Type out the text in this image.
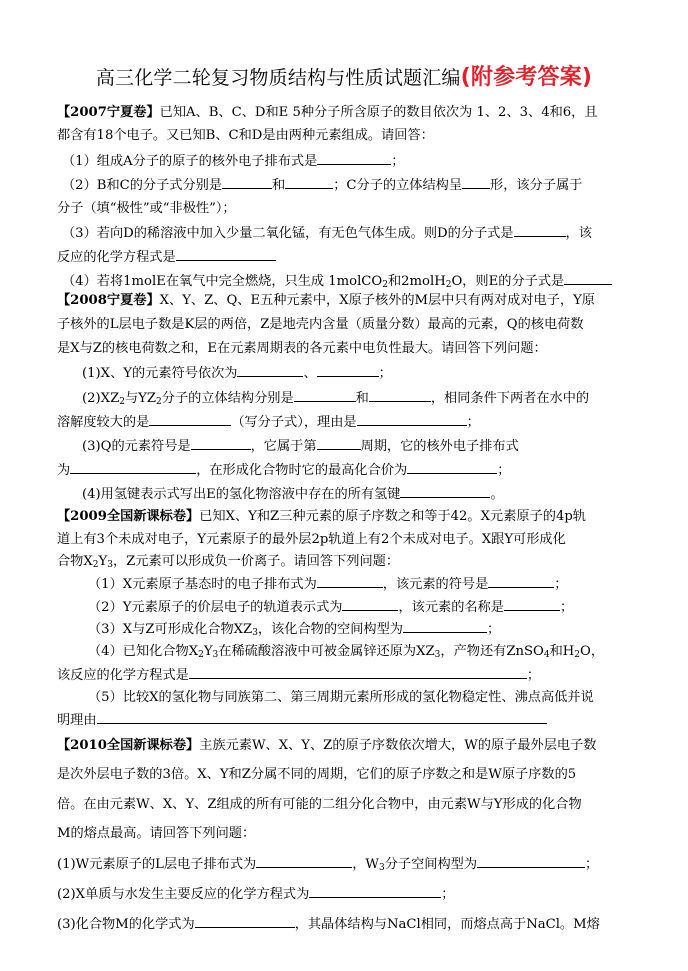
高三化学二轮复习物质结构与性质试题汇编(附参考答案)
【2007宁夏卷】已知A、B、C、D和E 5种分子所含原子的数目依次为 1、2、3、4和6，且
都含有18个电子。又已知B、C和D是由两种元素组成。请回答：
（1）组成A分子的原子的核外电子排布式是	；
（2）B和C的分子式分别是	和	；C分子的立体结构呈 形，该分子属于
分子（填“极性”或“非极性”）；
（3）若向D的稀溶液中加入少量二氧化锰，有无色气体生成。则D的分子式是	，该
反应的化学方程式是
（4）若将1molE在氧气中完全燃烧，只生成 1molCO$_2$和2molH$_2$O，则E的分子式是
【2008宁夏卷】X、Y、Z、Q、E五种元素中，X原子核外的M层中只有两对成对电子，Y原
子核外的L层电子数是K层的两倍，Z是地壳内含量（质量分数）最高的元素，Q的核电荷数
是X与Z的核电荷数之和，E在元素周期表的各元素中电负性最大。请回答下列问题：
(1)X、Y的元素符号依次为	、	；
$(2)XZ_2$与$YZ_2$分子的立体结构分别是	和	，相同条件下两者在水中的
溶解度较大的是	（写分子式），理由是	；
(3)Q的元素符号是	，它属于第	周期，它的核外电子排布式
为	，在形成化合物时它的最高化合价为	；
(4)用氢键表示式写出E的氢化物溶液中存在的所有氢键	。
【2009全国新课标卷】已知X、Y和Z三种元素的原子序数之和等于42。X元素原子的4p轨
道上有3个未成对电子，Y元素原子的最外层2p轨道上有2个未成对电子。X跟Y可形成化
合物$X_2Y_3$，Z元素可以形成负一价离子。请回答下列问题：
（1）X元素原子基态时的电子排布式为	，该元素的符号是	；
（2）Y元素原子的价层电子的轨道表示式为	，该元素的名称是	；
（3）X与Z可形成化合物$XZ_3$，该化合物的空间构型为	；
（4）已知化合物$X_2Y_3$在稀硫酸溶液中可被金属锌还原为$XZ_3$，产物还有ZnSO$_4$和$H_2O$，
该反应的化学方程式是	；
（5）比较X的氢化物与同族第二、第三周期元素所形成的氢化物稳定性、沸点高低并说
明理由
【2010全国新课标卷】主族元素W、X、Y、Z的原子序数依次增大，W的原子最外层电子数
是次外层电子数的3倍。X、Y和Z分属不同的周期，它们的原子序数之和是W原子序数的5
倍。在由元素W、X、Y、Z组成的所有可能的二组分化合物中，由元素W与Y形成的化合物
M的熔点最高。请回答下列问题：
(1)W元素原子的L层电子排布式为	，$W_3$分子空间构型为	；
(2)X单质与水发生主要反应的化学方程式为	；
(3)化合物M的化学式为	，其晶体结构与NaCl相同，而熔点高于NaCl。M熔
